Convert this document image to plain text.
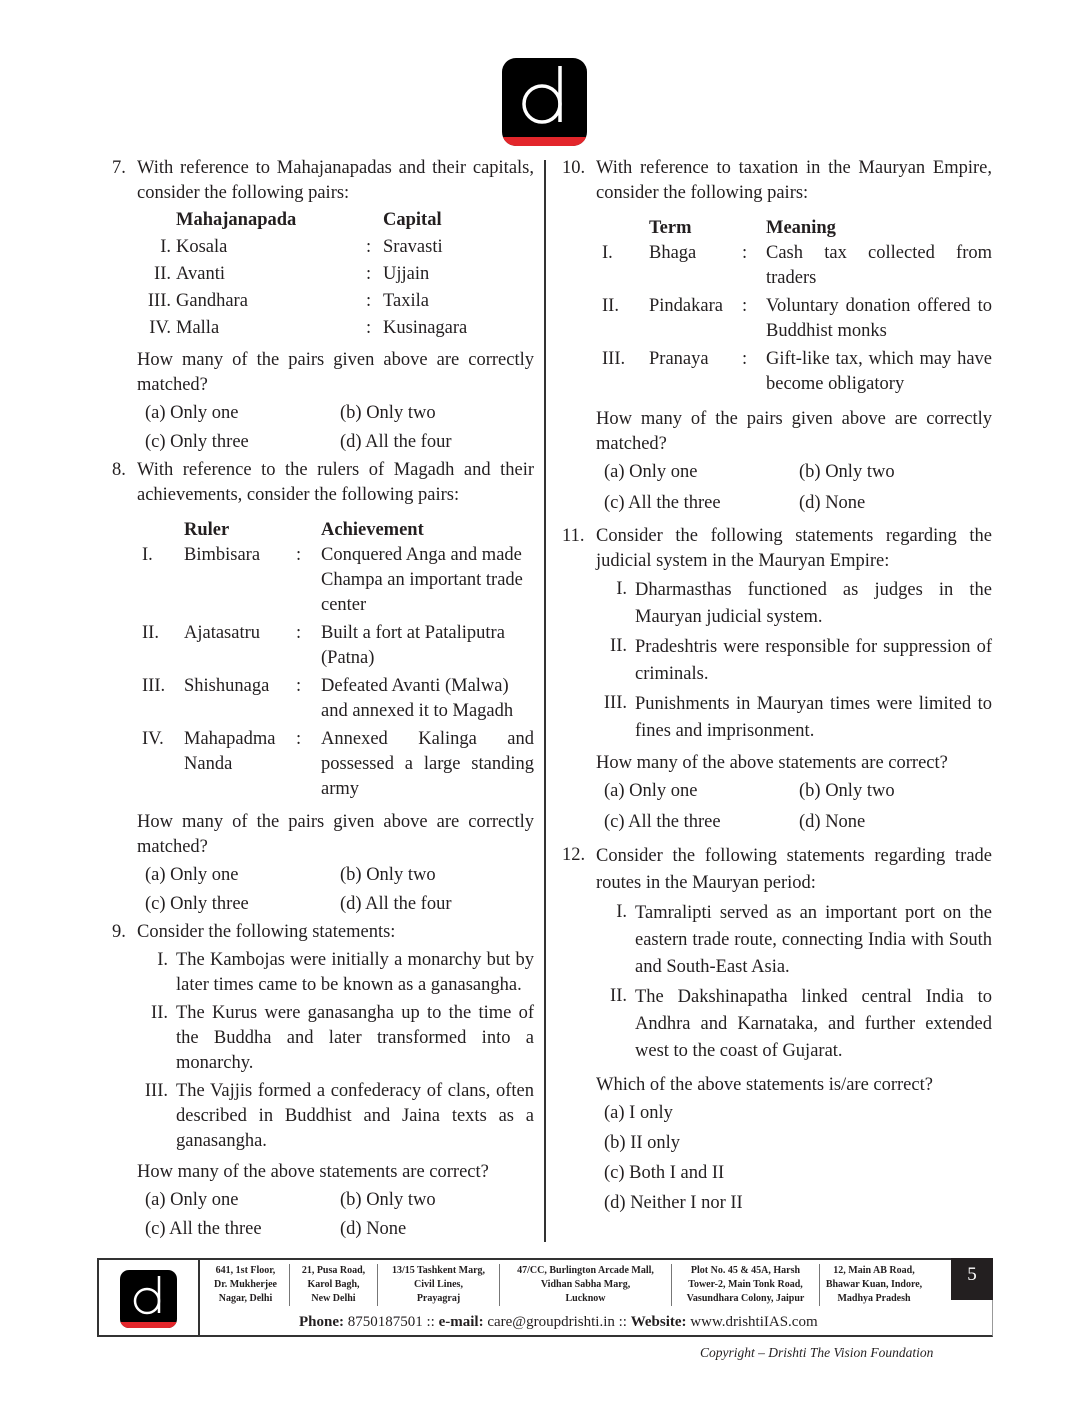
7. With reference to Mahajanapadas and their capitals, consider the following pairs:
	Mahajanapada		Capital
I.	Kosala	:	Sravasti
II.	Avanti	:	Ujjain
III.	Gandhara	:	Taxila
IV.	Malla	:	Kusinagara
How many of the pairs given above are correctly matched?
(a) Only one	(b) Only two
(c) Only three	(d) All the four
8. With reference to the rulers of Magadh and their achievements, consider the following pairs:
	Ruler		Achievement
I.	Bimbisara	:	Conquered Anga and made Champa an important trade center
II.	Ajatasatru	:	Built a fort at Pataliputra (Patna)
III.	Shishunaga	:	Defeated Avanti (Malwa) and annexed it to Magadh
IV.	Mahapadma Nanda	:	Annexed Kalinga and possessed a large standing army
How many of the pairs given above are correctly matched?
(a) Only one	(b) Only two
(c) Only three	(d) All the four
9. Consider the following statements:
I. The Kambojas were initially a monarchy but by later times came to be known as a ganasangha.
II. The Kurus were ganasangha up to the time of the Buddha and later transformed into a monarchy.
III. The Vajjis formed a confederacy of clans, often described in Buddhist and Jaina texts as a ganasangha.
How many of the above statements are correct?
(a) Only one	(b) Only two
(c) All the three	(d) None
10. With reference to taxation in the Mauryan Empire, consider the following pairs:
	Term		Meaning
I.	Bhaga	:	Cash tax collected from traders
II.	Pindakara	:	Voluntary donation offered to Buddhist monks
III.	Pranaya	:	Gift-like tax, which may have become obligatory
How many of the pairs given above are correctly matched?
(a) Only one	(b) Only two
(c) All the three	(d) None
11. Consider the following statements regarding the judicial system in the Mauryan Empire:
I. Dharmasthas functioned as judges in the Mauryan judicial system.
II. Pradeshtris were responsible for suppression of criminals.
III. Punishments in Mauryan times were limited to fines and imprisonment.
How many of the above statements are correct?
(a) Only one	(b) Only two
(c) All the three	(d) None
12. Consider the following statements regarding trade routes in the Mauryan period:
I. Tamralipti served as an important port on the eastern trade route, connecting India with South and South-East Asia.
II. The Dakshinapatha linked central India to Andhra and Karnataka, and further extended west to the coast of Gujarat.
Which of the above statements is/are correct?
(a) I only
(b) II only
(c) Both I and II
(d) Neither I nor II
641, 1st Floor,
Dr. Mukherjee
Nagar, Delhi
21, Pusa Road,
Karol Bagh,
New Delhi
13/15 Tashkent Marg,
Civil Lines,
Prayagraj
47/CC, Burlington Arcade Mall,
Vidhan Sabha Marg,
Lucknow
Plot No. 45 & 45A, Harsh
Tower-2, Main Tonk Road,
Vasundhara Colony, Jaipur
12, Main AB Road,
Bhawar Kuan, Indore,
Madhya Pradesh
5
Phone: 8750187501 :: e-mail: care@groupdrishti.in :: Website: www.drishtiIAS.com
Copyright – Drishti The Vision Foundation
